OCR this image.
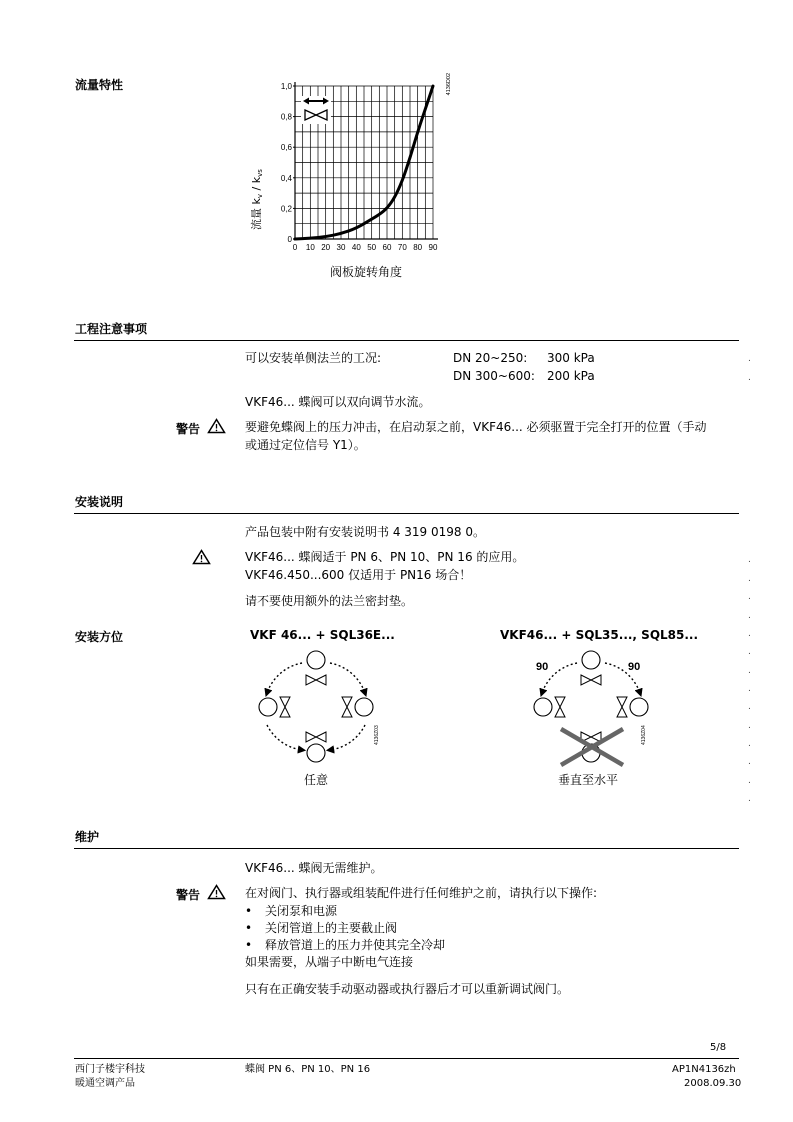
流量特性
0 10 20 30 40 50 60 70 80 90
0
0,2
0,4
0,6
0,8
1,0	4136D02
流量 kv / kvs
阀板旋转角度
工程注意事项
可以安装单侧法兰的工况:	DN 20~250: 300 kPa
DN 300~600: 200 kPa
VKF46... 蝶阀可以双向调节水流。
警告	要避免蝶阀上的压力冲击，在启动泵之前，VKF46... 必须驱置于完全打开的位置（手动
或通过定位信号 Y1）。
安装说明
产品包装中附有安装说明书 4 319 0198 0。
VKF46... 蝶阀适于 PN 6、PN 10、PN 16 的应用。
VKF46.450...600 仅适用于 PN16 场合！
请不要使用额外的法兰密封垫。
安装方位	VKF 46... + SQL36E...	VKF46... + SQL35..., SQL85...
4136Z03
任意
90	90
4136Z04
垂直至水平
维护
VKF46... 蝶阀无需维护。
警告	在对阀门、执行器或组装配件进行任何维护之前，请执行以下操作:
• 关闭泵和电源
• 关闭管道上的主要截止阀
• 释放管道上的压力并使其完全冷却
如果需要，从端子中断电气连接
只有在正确安装手动驱动器或执行器后才可以重新调试阀门。
.
.
.
.
.
.
.
.
.
.
.
.
.
.
.
.
5/8
西门子楼宇科技
暖通空调产品
蝶阀 PN 6、PN 10、PN 16	AP1N4136zh
2008.09.30
